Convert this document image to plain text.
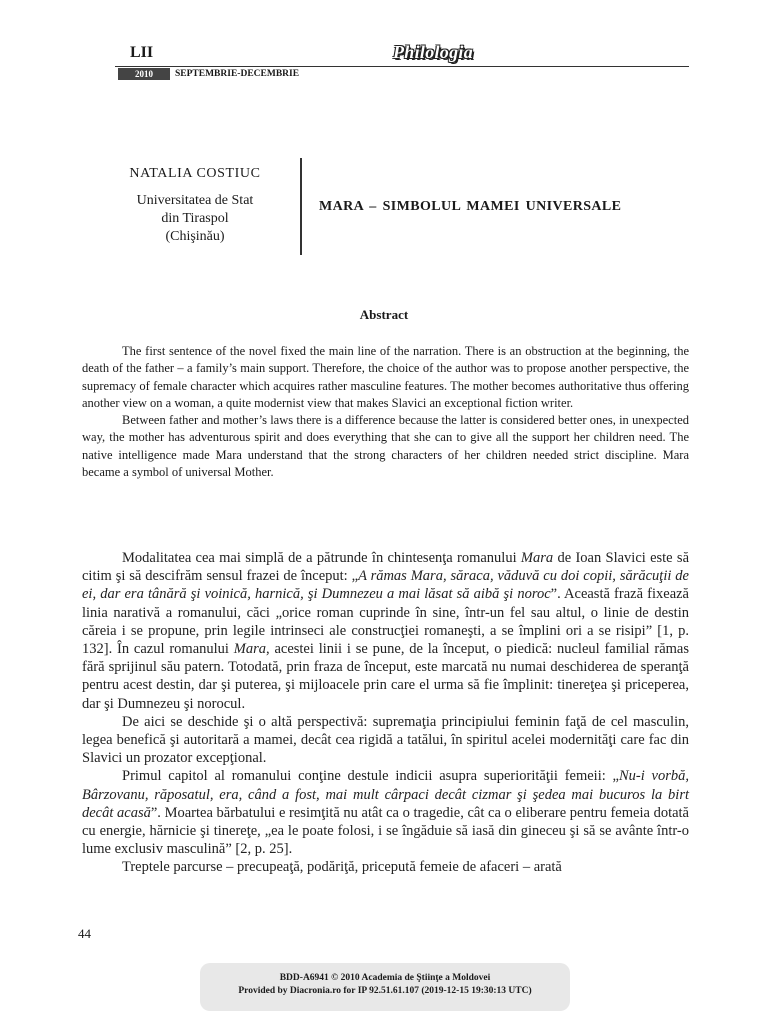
LII	Philologia
2010	SEPTEMBRIE-DECEMBRIE
NATALIA COSTIUC
Universitatea de Stat
din Tiraspol
(Chişinău)
MARA – SIMBOLUL MAMEI UNIVERSALE
Abstract

The first sentence of the novel fixed the main line of the narration. There is an obstruction at the beginning, the death of the father – a family’s main support. Therefore, the choice of the author was to propose another perspective, the supremacy of female character which acquires rather masculine features. The mother becomes authoritative thus offering another view on a woman, a quite modernist view that makes Slavici an exceptional fiction writer.

Between father and mother’s laws there is a difference because the latter is considered better ones, in unexpected way, the mother has adventurous spirit and does everything that she can to give all the support her children need. The native intelligence made Mara understand that the strong characters of her children needed strict discipline. Mara became a symbol of universal Mother.

Modalitatea cea mai simplă de a pătrunde în chintesenţa romanului Mara de Ioan Slavici este să citim şi să descifrăm sensul frazei de început: „A rămas Mara, săraca, văduvă cu doi copii, sărăcuţii de ei, dar era tânără şi voinică, harnică, şi Dumnezeu a mai lăsat să aibă şi noroc”. Această frază fixează linia narativă a romanului, căci „orice roman cuprinde în sine, într-un fel sau altul, o linie de destin căreia i se propune, prin legile intrinseci ale construcţiei romaneşti, a se împlini ori a se risipi” [1, p. 132]. În cazul romanului Mara, acestei linii i se pune, de la început, o piedică: nucleul familial rămas fără sprijinul său patern. Totodată, prin fraza de început, este marcată nu numai deschiderea de speranţă pentru acest destin, dar şi puterea, şi mijloacele prin care el urma să fie împlinit: tinereţea şi priceperea, dar şi Dumnezeu şi norocul.

De aici se deschide şi o altă perspectivă: supremaţia principiului feminin faţă de cel masculin, legea benefică şi autoritară a mamei, decât cea rigidă a tatălui, în spiritul acelei modernităţi care fac din Slavici un prozator excepţional.

Primul capitol al romanului conţine destule indicii asupra superiorităţii femeii: „Nu-i vorbă, Bârzovanu, răposatul, era, când a fost, mai mult cârpaci decât cizmar şi şedea mai bucuros la birt decât acasă”. Moartea bărbatului e resimţită nu atât ca o tragedie, cât ca o eliberare pentru femeia dotată cu energie, hărnicie şi tinereţe, „ea le poate folosi, i se îngăduie să iasă din gineceu şi să se avânte într-o lume exclusiv masculină” [2, p. 25].

Treptele parcurse – precupeaţă, podăriţă, pricepută femeie de afaceri – arată

44
BDD-A6941 © 2010 Academia de Ştiinţe a Moldovei
Provided by Diacronia.ro for IP 92.51.61.107 (2019-12-15 19:30:13 UTC)
